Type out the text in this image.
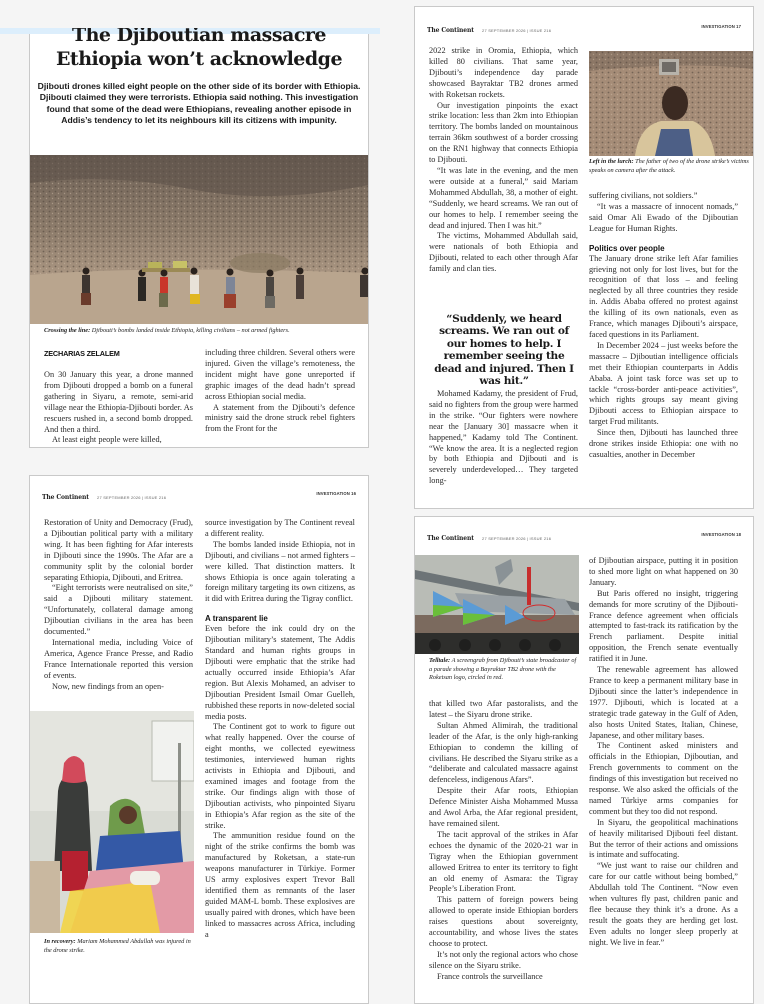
The Djiboutian massacre
Ethiopia won’t acknowledge
Djibouti drones killed eight people on the other side of its border with Ethiopia. Djibouti claimed they were terrorists. Ethiopia said nothing. This investigation found that some of the dead were Ethiopians, revealing another episode in Addis’s tendency to let its neighbours kill its citizens with impunity.
Crossing the line: Djibouti’s bombs landed inside Ethiopia, killing civilians – not armed fighters.
ZECHARIAS ZELALEM

On 30 January this year, a drone manned from Djibouti dropped a bomb on a funeral gathering in Siyaru, a remote, semi-arid village near the Ethiopia-Djibouti border. As rescuers rushed in, a second bomb dropped. And then a third.

At least eight people were killed,

including three children. Several others were injured. Given the village’s remoteness, the incident might have gone unreported if graphic images of the dead hadn’t spread across Ethiopian social media.

A statement from the Djibouti’s defence ministry said the drone struck rebel fighters from the Front for the

The Continent 27 SEPTEMBER 2026 | ISSUE 216
INVESTIGATION 16

Restoration of Unity and Democracy (Frud), a Djiboutian political party with a military wing. It has been fighting for Afar interests in Djibouti since the 1990s. The Afar are a community split by the colonial border separating Ethiopia, Djibouti, and Eritrea.

“Eight terrorists were neutralised on site,” said a Djibouti military statement. “Unfortunately, collateral damage among Djiboutian civilians in the area has been documented.”

International media, including Voice of America, Agence France Presse, and Radio France Internationale reported this version of events.

Now, new findings from an open-

In recovery: Mariam Mohammed Abdullah was injured in the drone strike.

source investigation by The Continent reveal a different reality.

The bombs landed inside Ethiopia, not in Djibouti, and civilians – not armed fighters – were killed. That distinction matters. It shows Ethiopia is once again tolerating a foreign military targeting its own citizens, as it did with Eritrea during the Tigray conflict.

A transparent lie

Even before the ink could dry on the Djiboutian military’s statement, The Addis Standard and human rights groups in Djibouti were emphatic that the strike had actually occurred inside Ethiopia’s Afar region. But Alexis Mohamed, an adviser to Djiboutian President Ismail Omar Guelleh, rubbished these reports in now-deleted social media posts.

The Continent got to work to figure out what really happened. Over the course of eight months, we collected eyewitness testimonies, interviewed human rights activists in Ethiopia and Djibouti, and examined images and footage from the strike. Our findings align with those of Djiboutian activists, who pinpointed Siyaru in Ethiopia’s Afar region as the site of the strike.

The ammunition residue found on the night of the strike confirms the bomb was manufactured by Roketsan, a state-run weapons manufacturer in Türkiye. Former US army explosives expert Trevor Ball identified them as remnants of the laser guided MAM-L bomb. These explosives are usually paired with drones, which have been linked to massacres across Africa, including a

The Continent 27 SEPTEMBER 2026 | ISSUE 216
INVESTIGATION 17

2022 strike in Oromia, Ethiopia, which killed 80 civilians. That same year, Djibouti’s independence day parade showcased Bayraktar TB2 drones armed with Roketsan rockets.

Our investigation pinpoints the exact strike location: less than 2km into Ethiopian territory. The bombs landed on mountainous terrain 36km southwest of a border crossing on the RN1 highway that connects Ethiopia to Djibouti.

“It was late in the evening, and the men were outside at a funeral,” said Mariam Mohammed Abdullah, 38, a mother of eight. “Suddenly, we heard screams. We ran out of our homes to help. I remember seeing the dead and injured. Then I was hit.”

The victims, Mohammed Abdullah said, were nationals of both Ethiopia and Djibouti, related to each other through Afar family and clan ties.

“Suddenly, we heard screams. We ran out of our homes to help. I remember seeing the dead and injured. Then I was hit.”

Mohamed Kadamy, the president of Frud, said no fighters from the group were harmed in the strike. “Our fighters were nowhere near the [January 30] massacre when it happened,” Kadamy told The Continent. “We know the area. It is a neglected region by both Ethiopia and Djibouti and is severely underdeveloped… They targeted long-

Left in the lurch: The father of two of the drone strike’s victims speaks on camera after the attack.

suffering civilians, not soldiers.”

“It was a massacre of innocent nomads,” said Omar Ali Ewado of the Djiboutian League for Human Rights.

Politics over people

The January drone strike left Afar families grieving not only for lost lives, but for the recognition of that loss – and feeling neglected by all three countries they reside in. Addis Ababa offered no protest against the killing of its own nationals, even as France, which manages Djibouti’s airspace, faced questions in its Parliament.

In December 2024 – just weeks before the massacre – Djiboutian intelligence officials met their Ethiopian counterparts in Addis Ababa. A joint task force was set up to tackle “cross-border anti-peace activities”, which rights groups say meant giving Djibouti access to Ethiopian airspace to target Frud militants.

Since then, Djibouti has launched three drone strikes inside Ethiopia: one with no casualties, another in December

The Continent 27 SEPTEMBER 2026 | ISSUE 216
INVESTIGATION 18
Telltale: A screengrab from Djibouti’s state broadcaster of a parade showing a Bayraktar TB2 drone with the Roketsan logo, circled in red.

that killed two Afar pastoralists, and the latest – the Siyaru drone strike.

Sultan Ahmed Alimirah, the traditional leader of the Afar, is the only high-ranking Ethiopian to condemn the killing of civilians. He described the Siyaru strike as a “deliberate and calculated massacre against defenceless, indigenous Afars”.

Despite their Afar roots, Ethiopian Defence Minister Aisha Mohammed Mussa and Awol Arba, the Afar regional president, have remained silent.

The tacit approval of the strikes in Afar echoes the dynamic of the 2020-21 war in Tigray when the Ethiopian government allowed Eritrea to enter its territory to fight an old enemy of Asmara: the Tigray People’s Liberation Front.

This pattern of foreign powers being allowed to operate inside Ethiopian borders raises questions about sovereignty, accountability, and whose lives the states choose to protect.

It’s not only the regional actors who chose silence on the Siyaru strike.

France controls the surveillance

of Djiboutian airspace, putting it in position to shed more light on what happened on 30 January.

But Paris offered no insight, triggering demands for more scrutiny of the Djibouti-France defence agreement when officials attempted to fast-track its ratification by the French parliament. Despite initial opposition, the French senate eventually ratified it in June.

The renewable agreement has allowed France to keep a permanent military base in Djibouti since the latter’s independence in 1977. Djibouti, which is located at a strategic trade gateway in the Gulf of Aden, also hosts United States, Italian, Chinese, Japanese, and other military bases.

The Continent asked ministers and officials in the Ethiopian, Djiboutian, and French governments to comment on the findings of this investigation but received no response. We also asked the officials of the named Türkiye arms companies for comment but they too did not respond.

In Siyaru, the geopolitical machinations of heavily militarised Djibouti feel distant. But the terror of their actions and omissions is intimate and suffocating.

“We just want to raise our children and care for our cattle without being bombed,” Abdullah told The Continent. “Now even when vultures fly past, children panic and flee because they think it’s a drone. As a result the goats they are herding get lost. Even adults no longer sleep properly at night. We live in fear.”
